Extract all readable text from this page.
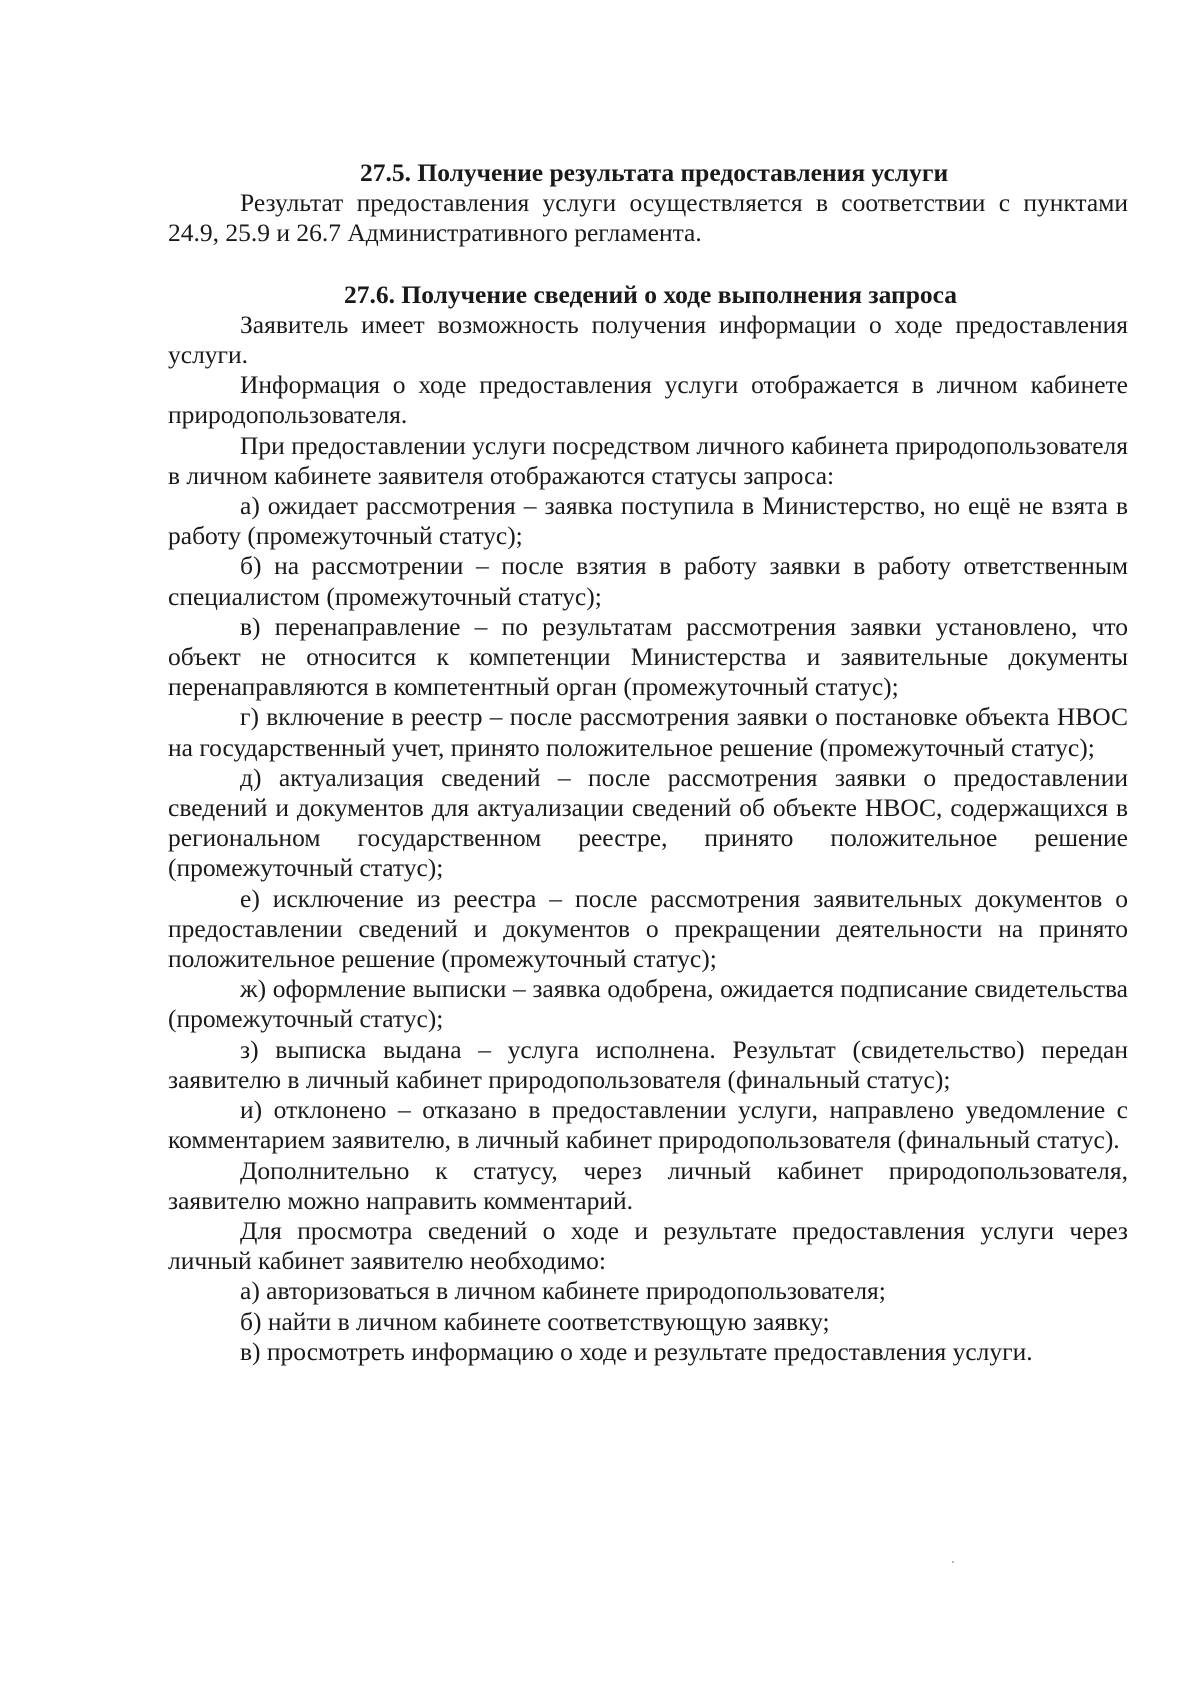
27.5. Получение результата предоставления услуги

Результат предоставления услуги осуществляется в соответствии с пунктами 24.9, 25.9 и 26.7 Административного регламента.

27.6. Получение сведений о ходе выполнения запроса

Заявитель имеет возможность получения информации о ходе предоставления услуги.

Информация о ходе предоставления услуги отображается в личном кабинете природопользователя.

При предоставлении услуги посредством личного кабинета природопользователя в личном кабинете заявителя отображаются статусы запроса:

а) ожидает рассмотрения – заявка поступила в Министерство, но ещё не взята в работу (промежуточный статус);

б) на рассмотрении – после взятия в работу заявки в работу ответственным специалистом (промежуточный статус);

в) перенаправление – по результатам рассмотрения заявки установлено, что объект не относится к компетенции Министерства и заявительные документы перенаправляются в компетентный орган (промежуточный статус);

г) включение в реестр – после рассмотрения заявки о постановке объекта НВОС на государственный учет, принято положительное решение (промежуточный статус);

д) актуализация сведений – после рассмотрения заявки о предоставлении сведений и документов для актуализации сведений об объекте НВОС, содержащихся в региональном государственном реестре, принято положительное решение (промежуточный статус);

е) исключение из реестра – после рассмотрения заявительных документов о предоставлении сведений и документов о прекращении деятельности на принято положительное решение (промежуточный статус);

ж) оформление выписки – заявка одобрена, ожидается подписание свидетельства (промежуточный статус);

з) выписка выдана – услуга исполнена. Результат (свидетельство) передан заявителю в личный кабинет природопользователя (финальный статус);

и) отклонено – отказано в предоставлении услуги, направлено уведомление с комментарием заявителю, в личный кабинет природопользователя (финальный статус).

Дополнительно к статусу, через личный кабинет природопользователя, заявителю можно направить комментарий.

Для просмотра сведений о ходе и результате предоставления услуги через личный кабинет заявителю необходимо:

а) авторизоваться в личном кабинете природопользователя;

б) найти в личном кабинете соответствующую заявку;

в) просмотреть информацию о ходе и результате предоставления услуги.
